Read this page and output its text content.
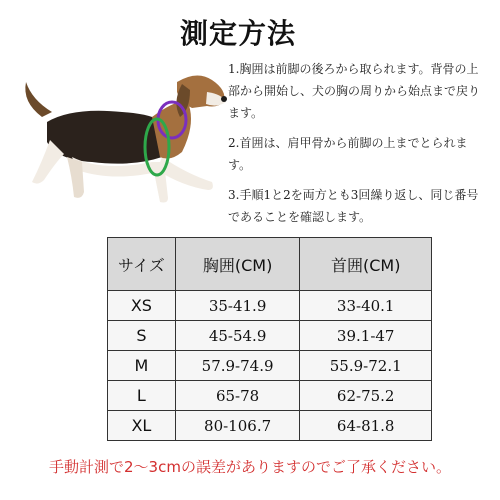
測定方法

1.胸囲は前脚の後ろから取られます。背骨の上部から開始し、犬の胸の周りから始点まで戻ります。

2.首囲は、肩甲骨から前脚の上までとられます。

3.手順1と2を両方とも3回繰り返し、同じ番号であることを確認します。

サイズ	胸囲(CM)	首囲(CM)
XS	35-41.9	33-40.1
S	45-54.9	39.1-47
M	57.9-74.9	55.9-72.1
L	65-78	62-75.2
XL	80-106.7	64-81.8
手動計測で2～3cmの誤差がありますのでご了承ください。
